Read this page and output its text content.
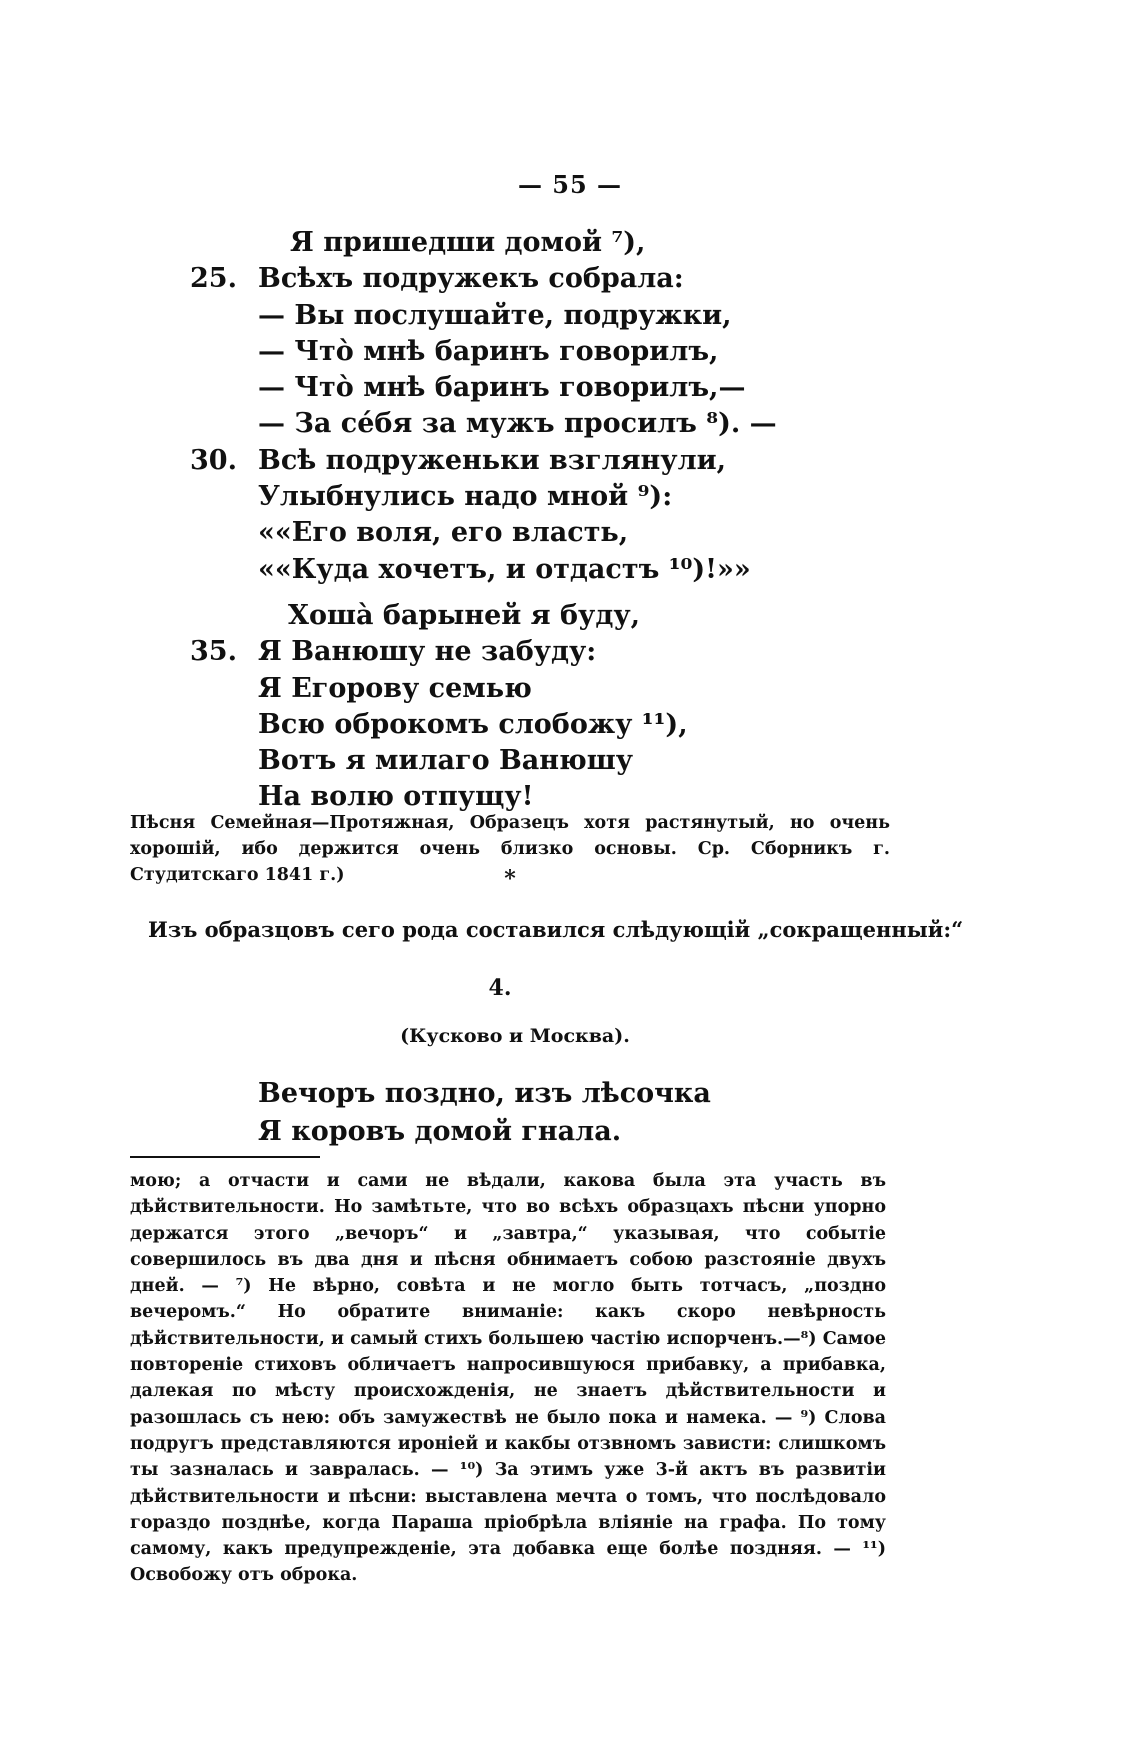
— 55 —
Я пришедши домой ⁷),
25. Всѣхъ подружекъ собрала:
— Вы послушайте, подружки,
— Чтò мнѣ баринъ говорилъ,
— Чтò мнѣ баринъ говорилъ,—
— За сéбя за мужъ просилъ ⁸). —
30. Всѣ подруженьки взглянули,
Улыбнулись надо мной ⁹):
««Его воля, его власть,
««Куда хочетъ, и отдастъ ¹⁰)!»»
Хошà барыней я буду,
35. Я Ванюшу не забуду:
Я Егорову семью
Всю оброкомъ слобожу ¹¹),
Вотъ я милаго Ванюшу
На волю отпущу!
Пѣсня Семейная—Протяжная, Образецъ хотя растянутый, но очень хорошій, ибо держится очень близко основы. Ср. Сборникъ г. Студитскаго 1841 г.)	*
Изъ образцовъ сего рода составился слѣдующій „сокращенный:“
4.
(Кусково и Москва).
Вечоръ поздно, изъ лѣсочка
Я коровъ домой гнала.

мою; а отчасти и сами не вѣдали, какова была эта участь въ дѣйствительности. Но замѣтьте, что во всѣхъ образцахъ пѣсни упорно держатся этого „вечоръ“ и „завтра,“ указывая, что событіе совершилось въ два дня и пѣсня обнимаетъ собою разстояніе двухъ дней. — ⁷) Не вѣрно, совѣта и не могло быть тотчасъ, „поздно вечеромъ.“ Но обратите вниманіе: какъ скоро невѣрность дѣйствительности, и самый стихъ большею частію испорченъ.—⁸) Самое повтореніе стиховъ обличаетъ напросившуюся прибавку, а прибавка, далекая по мѣсту происхожденія, не знаетъ дѣйствительности и разошлась съ нею: объ замужествѣ не было пока и намека. — ⁹) Слова подругъ представляются ироніей и какбы отзвномъ зависти: слишкомъ ты зазналась и завралась. — ¹⁰) За этимъ уже 3-й актъ въ развитіи дѣйствительности и пѣсни: выставлена мечта о томъ, что послѣдовало гораздо позднѣе, когда Параша пріобрѣла вліяніе на графа. По тому самому, какъ предупрежденіе, эта добавка еще болѣе поздняя. — ¹¹) Освобожу отъ оброка.
